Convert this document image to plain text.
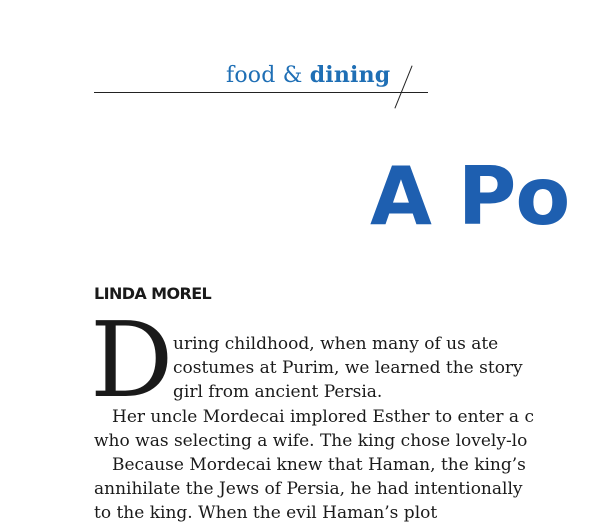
food & dining
A Po
LINDA MOREL
D uring childhood, when many of us ate
costumes at Purim, we learned the story
girl from ancient Persia.
Her uncle Mordecai implored Esther to enter a c
who was selecting a wife. The king chose lovely-lo
Because Mordecai knew that Haman, the king’s
annihilate the Jews of Persia, he had intentionally
to the king. When the evil Haman’s plot
